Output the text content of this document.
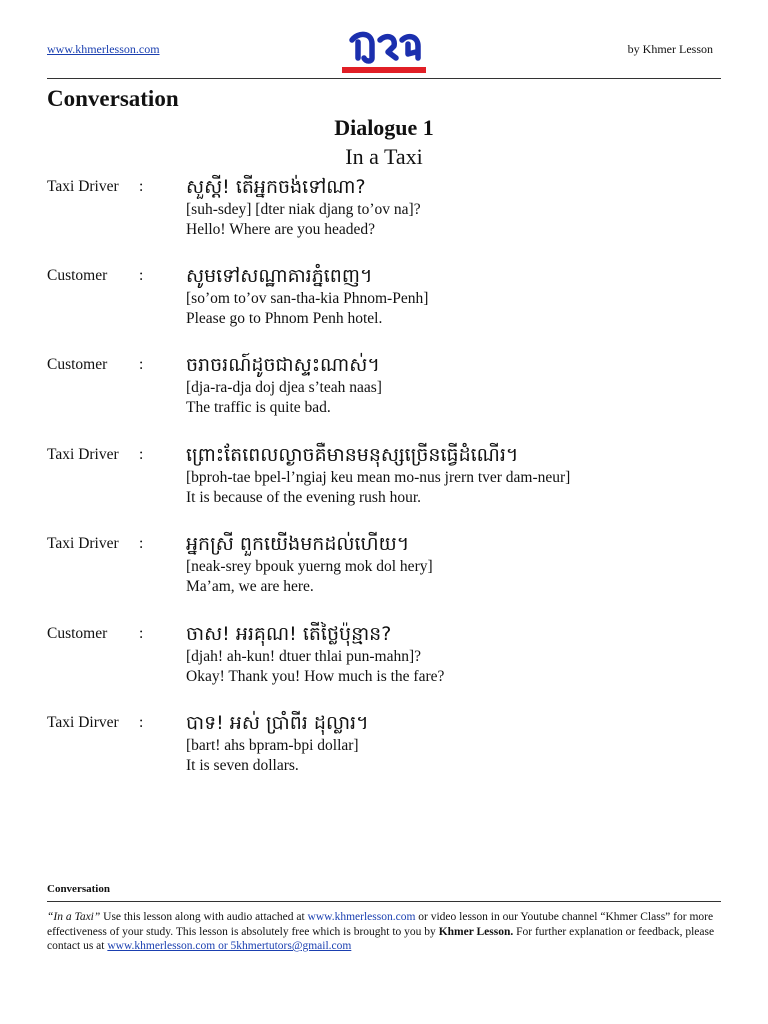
www.khmerlesson.com	by Khmer Lesson
Conversation
Dialogue 1
In a Taxi
Taxi Driver	: សួស្តី! តើអ្នកចង់ទៅណា?
[suh-sdey] [dter niak djang to’ov na]?
Hello! Where are you headed?
Customer	: សូមទៅសណ្ឋាគារភ្នំពេញ។
[so’om to’ov san-tha-kia Phnom-Penh]
Please go to Phnom Penh hotel.
Customer	: ចរាចរណ៍ដូចជាស្ទះណាស់។
[dja-ra-dja doj djea s’teah naas]
The traffic is quite bad.
Taxi Driver	: ព្រោះតែពេលល្ងាចគឺមានមនុស្សច្រើនធ្វើដំណើរ។
[bproh-tae bpel-l’ngiaj keu mean mo-nus jrern tver dam-neur]
It is because of the evening rush hour.
Taxi Driver	: អ្នកស្រី ពួកយើងមកដល់ហើយ។
[neak-srey bpouk yuerng mok dol hery]
Ma’am, we are here.
Customer	: ចាស! អរគុណ! តើថ្លៃប៉ុន្មាន?
[djah! ah-kun! dtuer thlai pun-mahn]?
Okay! Thank you! How much is the fare?
Taxi Dirver	: បាទ! អស់ ប្រាំពីរ ដុល្លារ។
[bart! ahs bpram-bpi dollar]
It is seven dollars.
Conversation
“In a Taxi” Use this lesson along with audio attached at www.khmerlesson.com or video lesson in our Youtube channel “Khmer Class” for more effectiveness of your study. This lesson is absolutely free which is brought to you by Khmer Lesson. For further explanation or feedback, please contact us at www.khmerlesson.com or 5khmertutors@gmail.com
